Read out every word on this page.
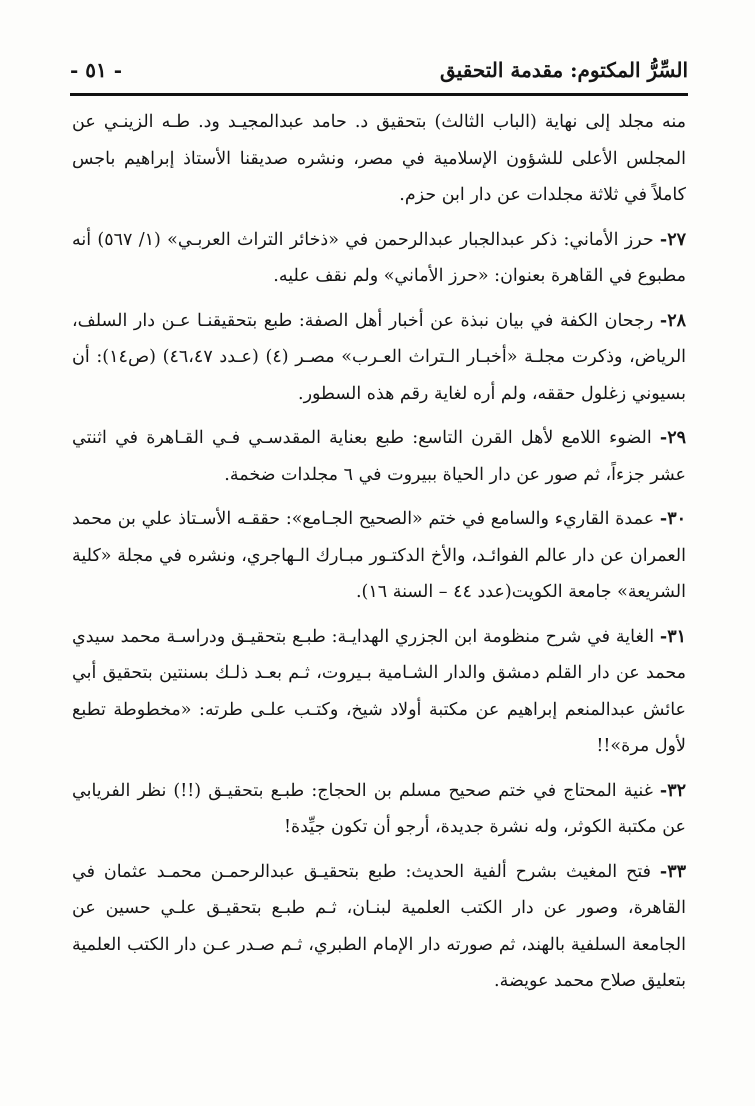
السِّرُّ المكتوم: مقدمة التحقيق
- ٥١ -

منه مجلد إلى نهاية (الباب الثالث) بتحقيق د. حامد عبدالمجيـد ود. طـه الزينـي عن المجلس الأعلى للشؤون الإسلامية في مصر، ونشره صديقنا الأستاذ إبراهيم باجس كاملاً في ثلاثة مجلدات عن دار ابن حزم.

٢٧- حرز الأماني: ذكر عبدالجبار عبدالرحمن في «ذخائر التراث العربـي» (١/ ٥٦٧) أنه مطبوع في القاهرة بعنوان: «حرز الأماني» ولم نقف عليه.

٢٨- رجحان الكفة في بيان نبذة عن أخبار أهل الصفة: طبع بتحقيقنـا عـن دار السلف، الرياض، وذكرت مجلـة «أخبـار الـتراث العـرب» مصـر (٤) (عـدد ٤٦،٤٧) (ص١٤): أن بسيوني زغلول حققه، ولم أره لغاية رقم هذه السطور.

٢٩- الضوء اللامع لأهل القرن التاسع: طبع بعناية المقدسـي فـي القـاهرة في اثنتي عشر جزءاً، ثم صور عن دار الحياة ببيروت في ٦ مجلدات ضخمة.

٣٠- عمدة القاريء والسامع في ختم «الصحيح الجـامع»: حققـه الأسـتاذ علي بن محمد العمران عن دار عالم الفوائـد، والأخ الدكتـور مبـارك الـهاجري، ونشره في مجلة «كلية الشريعة» جامعة الكويت(عدد ٤٤ – السنة ١٦).

٣١- الغاية في شرح منظومة ابن الجزري الهدايـة: طبـع بتحقيـق ودراسـة محمد سيدي محمد عن دار القلم دمشق والدار الشـامية بـيروت، ثـم بعـد ذلـك بسنتين بتحقيق أبي عائش عبدالمنعم إبراهيم عن مكتبة أولاد شيخ، وكتـب علـى طرته: «مخطوطة تطبع لأول مرة»!!

٣٢- غنية المحتاج في ختم صحيح مسلم بن الحجاج: طبـع بتحقيـق (!!) نظر الفريابي عن مكتبة الكوثر، وله نشرة جديدة، أرجو أن تكون جيِّدة!

٣٣- فتح المغيث بشرح ألفية الحديث: طبع بتحقيـق عبدالرحمـن محمـد عثمان في القاهرة، وصور عن دار الكتب العلمية لبنـان، ثـم طبـع بتحقيـق علـي حسين عن الجامعة السلفية بالهند، ثم صورته دار الإمام الطبري، ثـم صـدر عـن دار الكتب العلمية بتعليق صلاح محمد عويضة.
